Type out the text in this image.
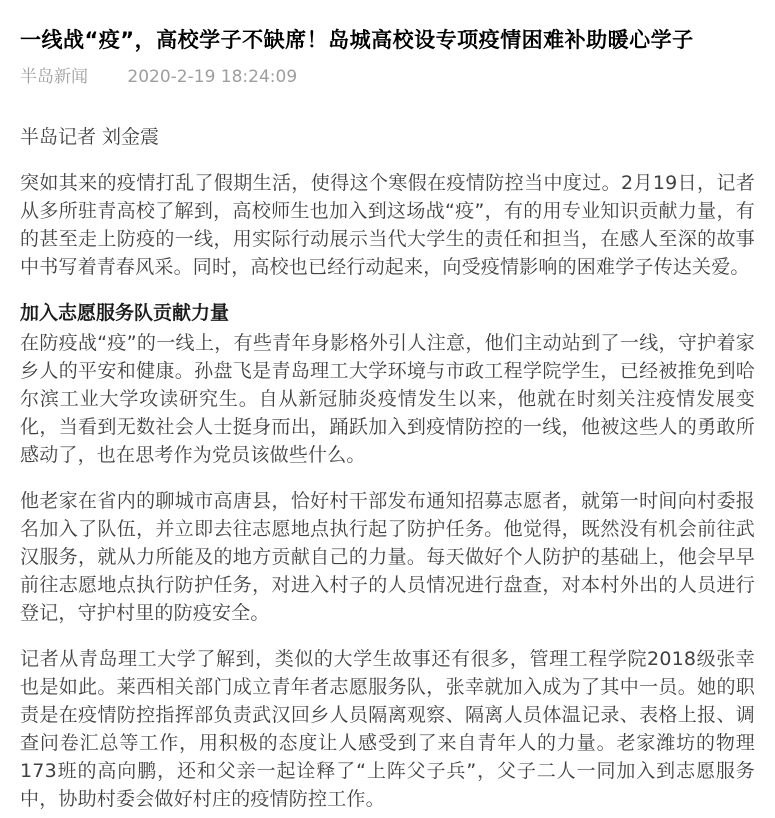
一线战“疫”，高校学子不缺席！岛城高校设专项疫情困难补助暖心学子
半岛新闻 2020-2-19 18:24:09

半岛记者 刘金震

突如其来的疫情打乱了假期生活，使得这个寒假在疫情防控当中度过。2月19日，记者从多所驻青高校了解到，高校师生也加入到这场战“疫”，有的用专业知识贡献力量，有的甚至走上防疫的一线，用实际行动展示当代大学生的责任和担当，在感人至深的故事中书写着青春风采。同时，高校也已经行动起来，向受疫情影响的困难学子传达关爱。

加入志愿服务队贡献力量

在防疫战“疫”的一线上，有些青年身影格外引人注意，他们主动站到了一线，守护着家乡人的平安和健康。孙盘飞是青岛理工大学环境与市政工程学院学生，已经被推免到哈尔滨工业大学攻读研究生。自从新冠肺炎疫情发生以来，他就在时刻关注疫情发展变化，当看到无数社会人士挺身而出，踊跃加入到疫情防控的一线，他被这些人的勇敢所感动了，也在思考作为党员该做些什么。

他老家在省内的聊城市高唐县，恰好村干部发布通知招募志愿者，就第一时间向村委报名加入了队伍，并立即去往志愿地点执行起了防护任务。他觉得，既然没有机会前往武汉服务，就从力所能及的地方贡献自己的力量。每天做好个人防护的基础上，他会早早前往志愿地点执行防护任务，对进入村子的人员情况进行盘查，对本村外出的人员进行登记，守护村里的防疫安全。

记者从青岛理工大学了解到，类似的大学生故事还有很多，管理工程学院2018级张幸也是如此。莱西相关部门成立青年者志愿服务队，张幸就加入成为了其中一员。她的职责是在疫情防控指挥部负责武汉回乡人员隔离观察、隔离人员体温记录、表格上报、调查问卷汇总等工作，用积极的态度让人感受到了来自青年人的力量。老家潍坊的物理173班的高向鹏，还和父亲一起诠释了“上阵父子兵”，父子二人一同加入到志愿服务中，协助村委会做好村庄的疫情防控工作。
